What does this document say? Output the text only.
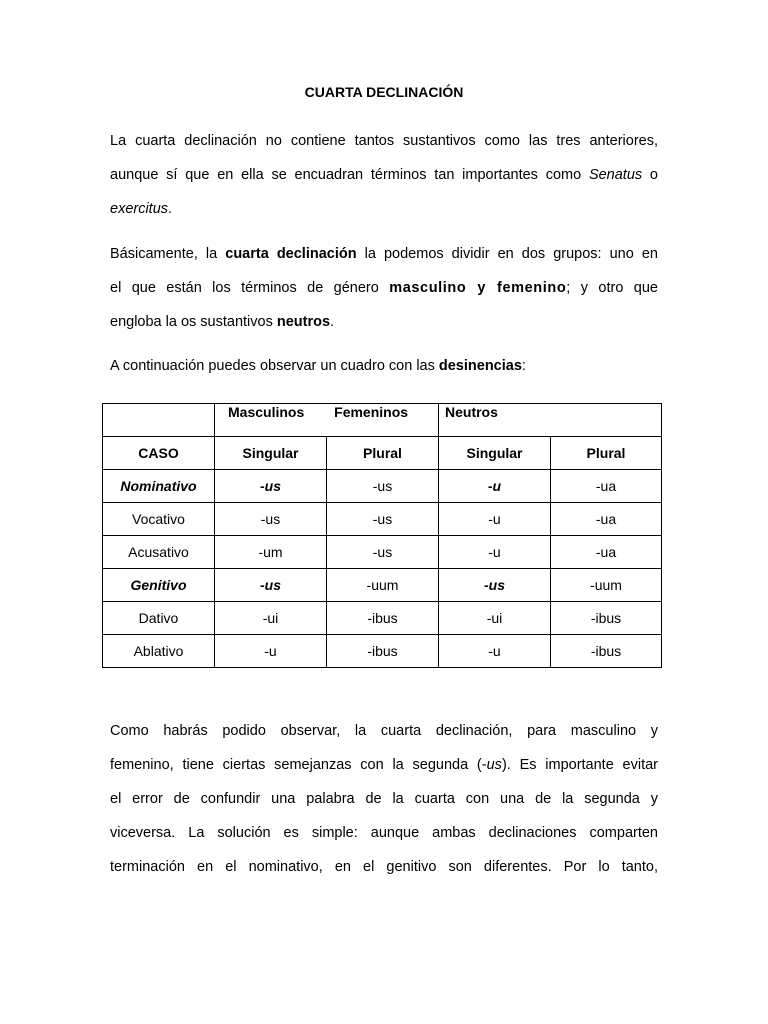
CUARTA DECLINACIÓN

La cuarta declinación no contiene tantos sustantivos como las tres anteriores,
aunque sí que en ella se encuadran términos tan importantes como Senatus o
exercitus.

Básicamente, la cuarta declinación la podemos dividir en dos grupos: uno en
el que están los términos de género masculino y femenino; y otro que
engloba la os sustantivos neutros.

A continuación puedes observar un cuadro con las desinencias:

	Masculinos Femeninos		Neutros	
CASO	Singular	Plural	Singular	Plural
Nominativo	-us	-us	-u	-ua
Vocativo	-us	-us	-u	-ua
Acusativo	-um	-us	-u	-ua
Genitivo	-us	-uum	-us	-uum
Dativo	-ui	-ibus	-ui	-ibus
Ablativo	-u	-ibus	-u	-ibus

Como habrás podido observar, la cuarta declinación, para masculino y
femenino, tiene ciertas semejanzas con la segunda (-us). Es importante evitar
el error de confundir una palabra de la cuarta con una de la segunda y
viceversa. La solución es simple: aunque ambas declinaciones comparten
terminación en el nominativo, en el genitivo son diferentes. Por lo tanto,
